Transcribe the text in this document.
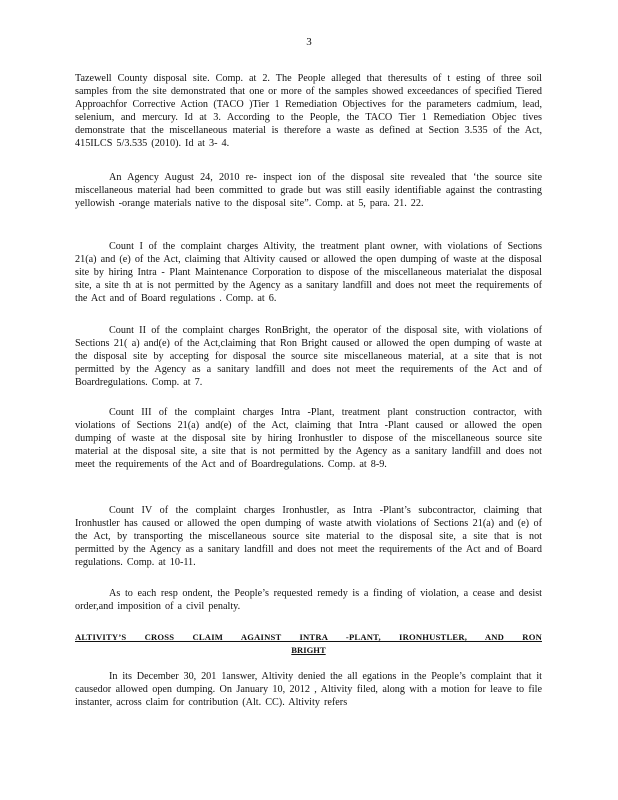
3

Tazewell County disposal site. Comp. at 2. The People alleged that theresults of t esting of three soil samples from the site demonstrated that one or more of the samples showed exceedances of specified Tiered Approachfor Corrective Action (TACO )Tier 1 Remediation Objectives for the parameters cadmium, lead, selenium, and mercury. Id at 3. According to the People, the TACO Tier 1 Remediation Objec tives demonstrate that the miscellaneous material is therefore a waste as defined at Section 3.535 of the Act, 415ILCS 5/3.535 (2010). Id at 3- 4.

An Agency August 24, 2010 re- inspect ion of the disposal site revealed that ‘the source site miscellaneous material had been committed to grade but was still easily identifiable against the contrasting yellowish -orange materials native to the disposal site”. Comp. at 5, para. 21. 22.

Count I of the complaint charges Altivity, the treatment plant owner, with violations of Sections 21(a) and (e) of the Act, claiming that Altivity caused or allowed the open dumping of waste at the disposal site by hiring Intra - Plant Maintenance Corporation to dispose of the miscellaneous materialat the disposal site, a site th at is not permitted by the Agency as a sanitary landfill and does not meet the requirements of the Act and of Board regulations . Comp. at 6.

Count II of the complaint charges RonBright, the operator of the disposal site, with violations of Sections 21( a) and(e) of the Act,claiming that Ron Bright caused or allowed the open dumping of waste at the disposal site by accepting for disposal the source site miscellaneous material, at a site that is not permitted by the Agency as a sanitary landfill and does not meet the requirements of the Act and of Boardregulations. Comp. at 7.

Count III of the complaint charges Intra -Plant, treatment plant construction contractor, with violations of Sections 21(a) and(e) of the Act, claiming that Intra -Plant caused or allowed the open dumping of waste at the disposal site by hiring Ironhustler to dispose of the miscellaneous source site material at the disposal site, a site that is not permitted by the Agency as a sanitary landfill and does not meet the requirements of the Act and of Boardregulations. Comp. at 8-9.

Count IV of the complaint charges Ironhustler, as Intra -Plant’s subcontractor, claiming that Ironhustler has caused or allowed the open dumping of waste atwith violations of Sections 21(a) and (e) of the Act, by transporting the miscellaneous source site material to the disposal site, a site that is not permitted by the Agency as a sanitary landfill and does not meet the requirements of the Act and of Board regulations. Comp. at 10-11.

As to each resp ondent, the People’s requested remedy is a finding of violation, a cease and desist order,and imposition of a civil penalty.

ALTIVITY’S CROSS CLAIM AGAINST INTRA -PLANT, IRONHUSTLER, AND RON
BRIGHT

In its December 30, 201 1answer, Altivity denied the all egations in the People’s complaint that it causedor allowed open dumping. On January 10, 2012 , Altivity filed, along with a motion for leave to file instanter, across claim for contribution (Alt. CC). Altivity refers
